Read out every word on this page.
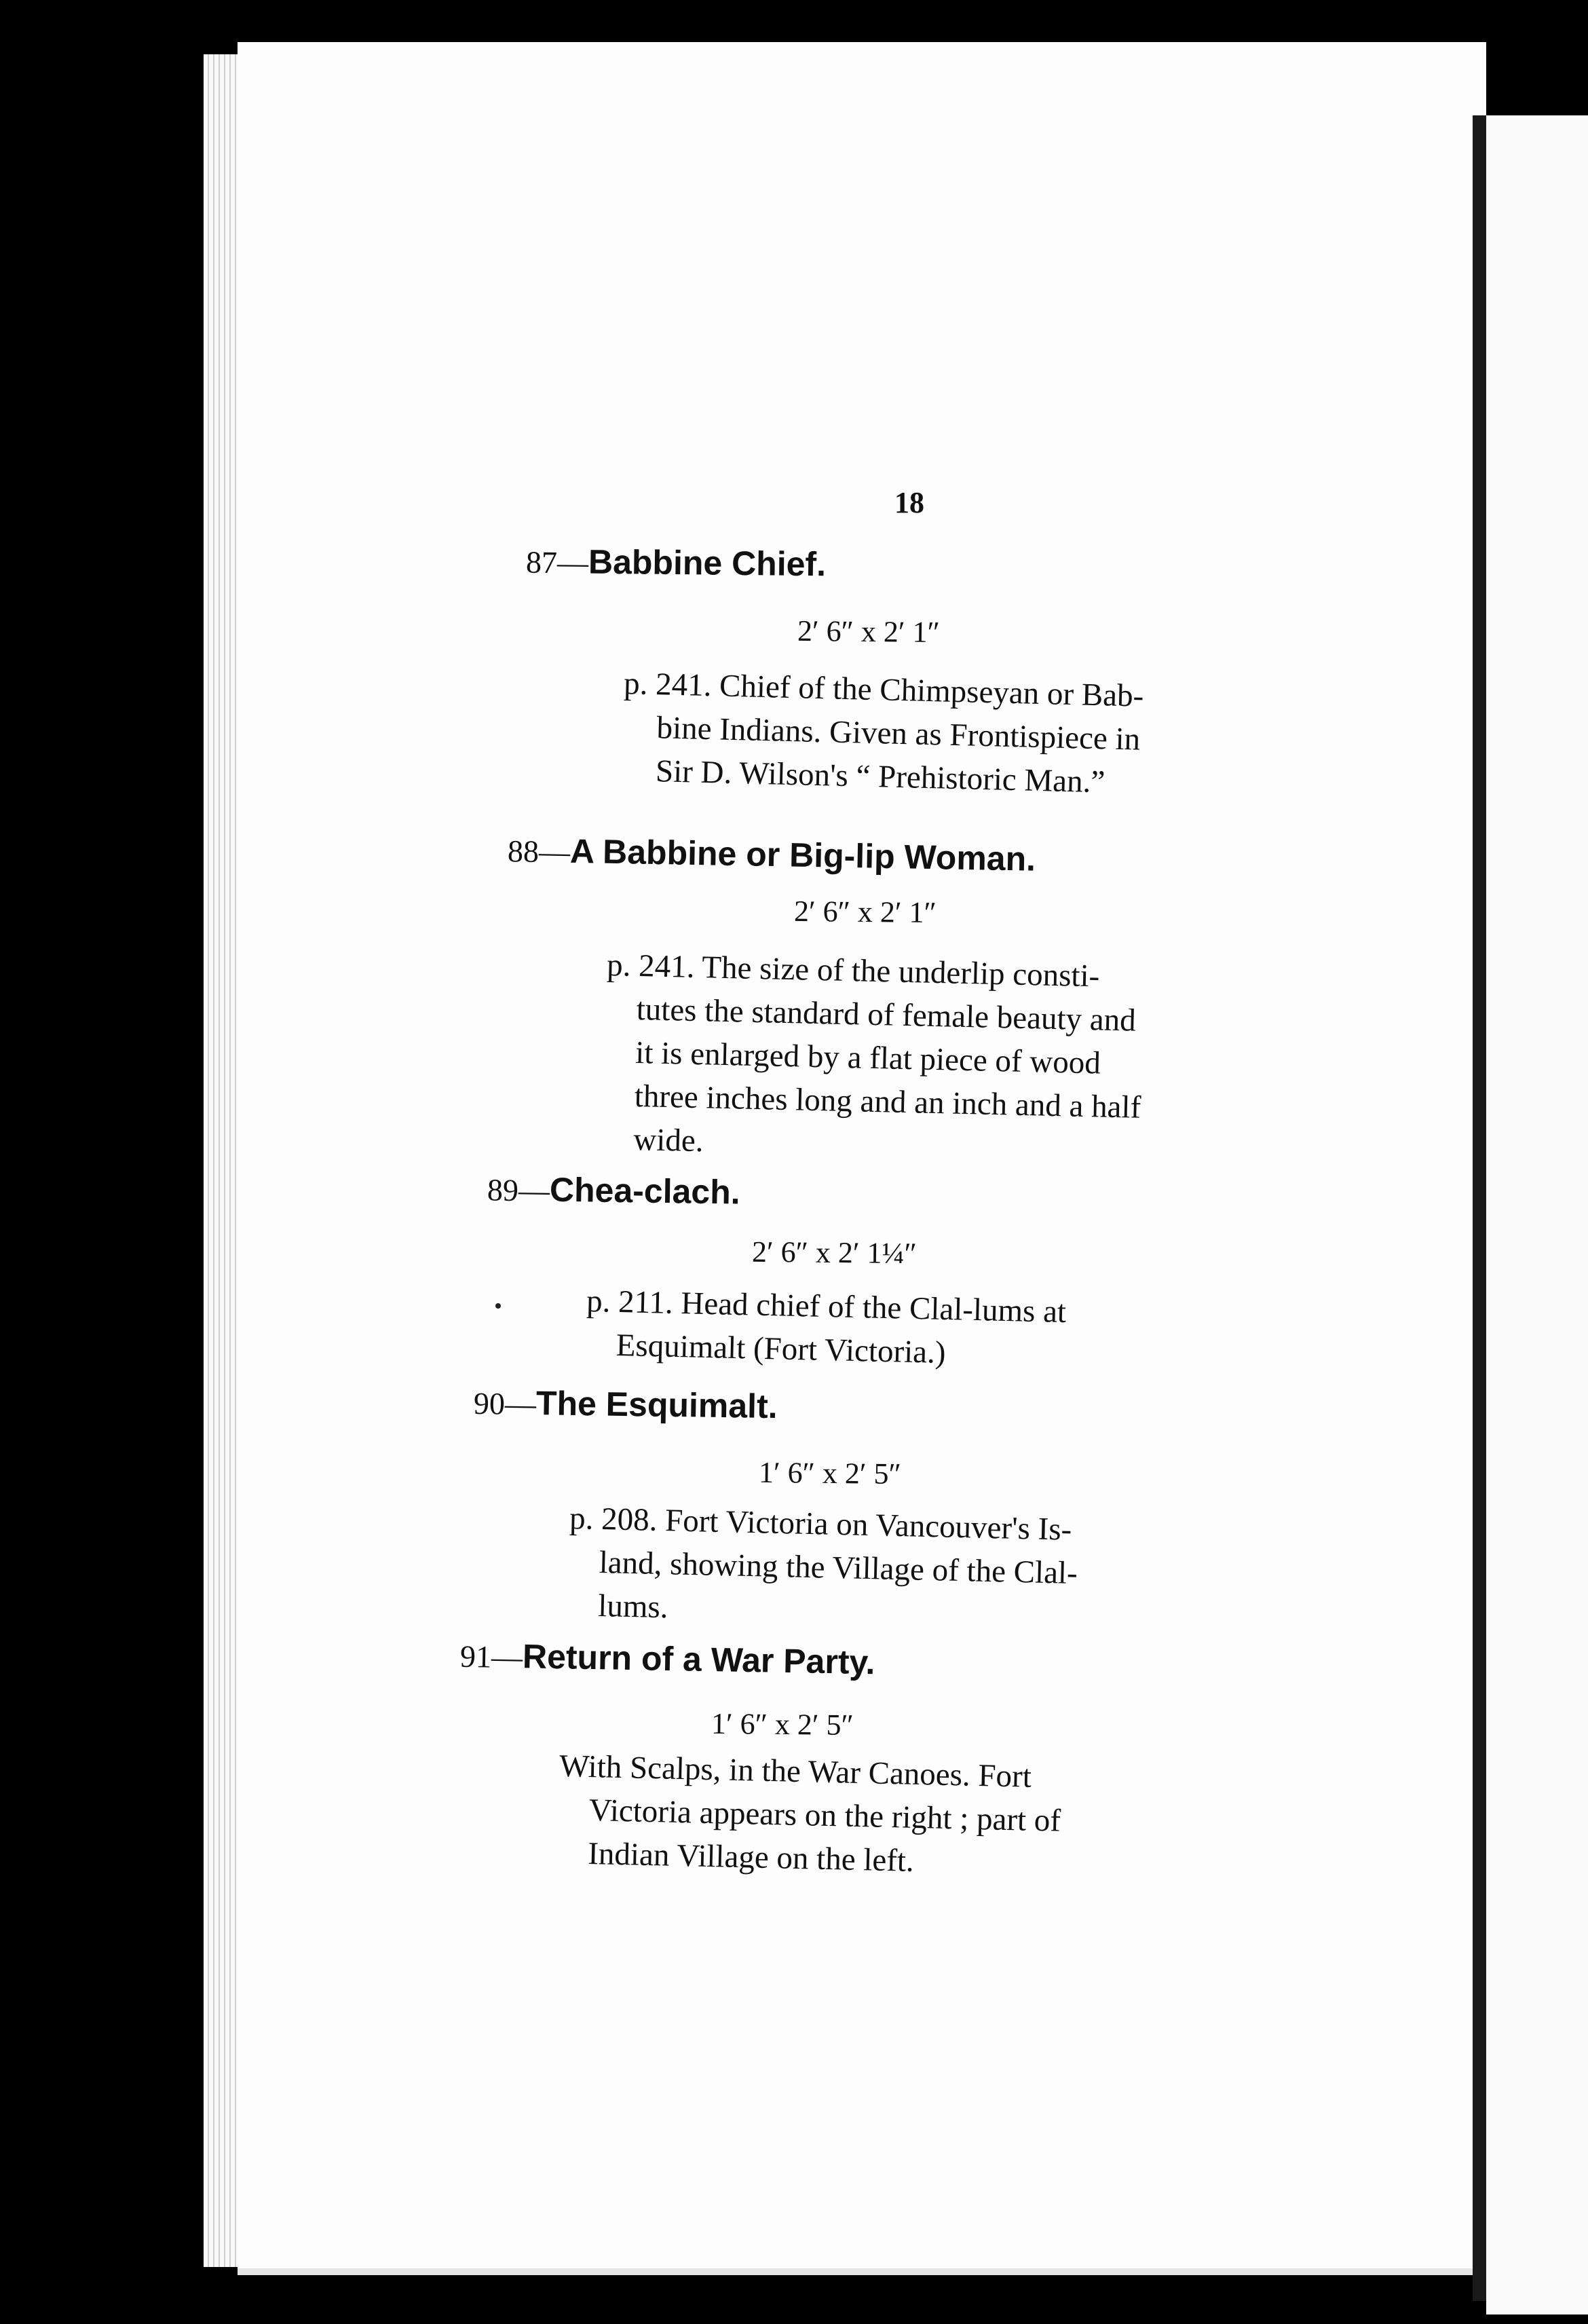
18
87—Babbine Chief.
2′ 6″ x 2′ 1″
p. 241. Chief of the Chimpseyan or Bab-
bine Indians. Given as Frontispiece in
Sir D. Wilson's “ Prehistoric Man.”
88—A Babbine or Big-lip Woman.
2′ 6″ x 2′ 1″
p. 241. The size of the underlip consti-
tutes the standard of female beauty and
it is enlarged by a flat piece of wood
three inches long and an inch and a half
wide.
89—Chea-clach.
2′ 6″ x 2′ 1¼″
p. 211. Head chief of the Clal-lums at
Esquimalt (Fort Victoria.)
90—The Esquimalt.
1′ 6″ x 2′ 5″
p. 208. Fort Victoria on Vancouver's Is-
land, showing the Village of the Clal-
lums.
91—Return of a War Party.
1′ 6″ x 2′ 5″
With Scalps, in the War Canoes. Fort
Victoria appears on the right ; part of
Indian Village on the left.
